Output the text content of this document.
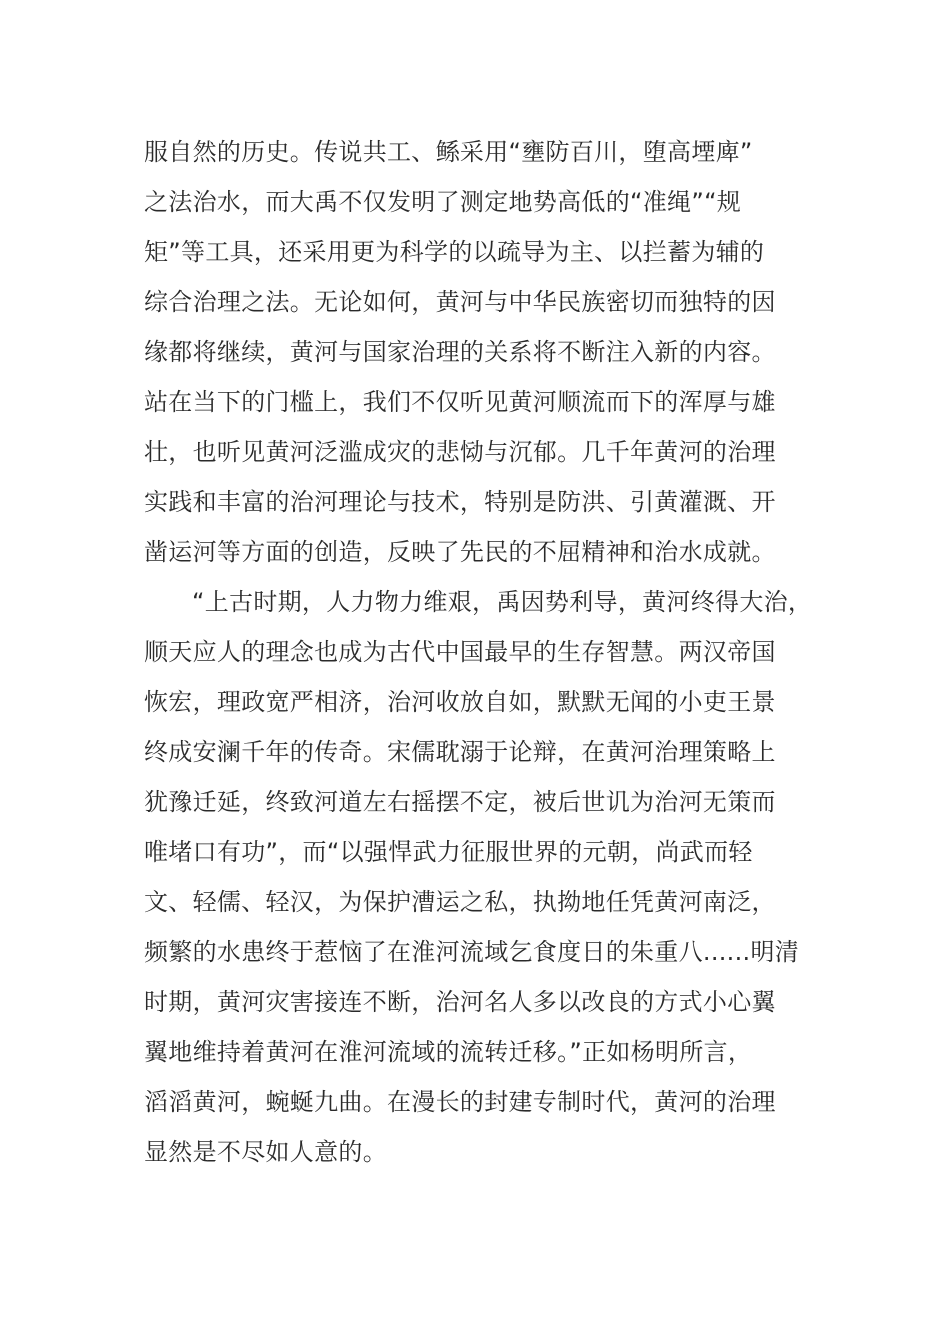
服自然的历史。传说共工、鲧采用“壅防百川，堕高堙庳”
之法治水，而大禹不仅发明了测定地势高低的“准绳”“规
矩”等工具，还采用更为科学的以疏导为主、以拦蓄为辅的
综合治理之法。无论如何，黄河与中华民族密切而独特的因
缘都将继续，黄河与国家治理的关系将不断注入新的内容。
站在当下的门槛上，我们不仅听见黄河顺流而下的浑厚与雄
壮，也听见黄河泛滥成灾的悲恸与沉郁。几千年黄河的治理
实践和丰富的治河理论与技术，特别是防洪、引黄灌溉、开
凿运河等方面的创造，反映了先民的不屈精神和治水成就。
“上古时期，人力物力维艰，禹因势利导，黄河终得大治，
顺天应人的理念也成为古代中国最早的生存智慧。两汉帝国
恢宏，理政宽严相济，治河收放自如，默默无闻的小吏王景
终成安澜千年的传奇。宋儒耽溺于论辩，在黄河治理策略上
犹豫迁延，终致河道左右摇摆不定，被后世讥为治河无策而
唯堵口有功”，而“以强悍武力征服世界的元朝，尚武而轻
文、轻儒、轻汉，为保护漕运之私，执拗地任凭黄河南泛，
频繁的水患终于惹恼了在淮河流域乞食度日的朱重八......明清
时期，黄河灾害接连不断，治河名人多以改良的方式小心翼
翼地维持着黄河在淮河流域的流转迁移。”正如杨明所言，
滔滔黄河，蜿蜒九曲。在漫长的封建专制时代，黄河的治理
显然是不尽如人意的。
